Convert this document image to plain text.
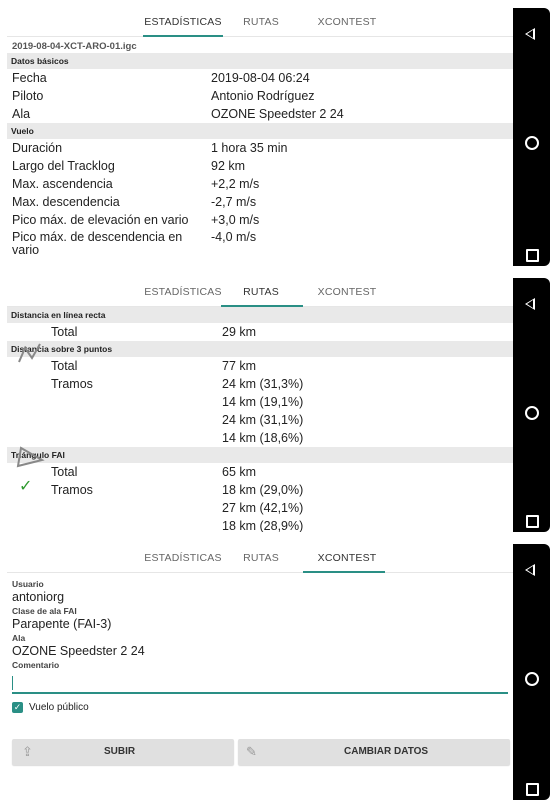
ESTADÍSTICAS	RUTAS	XCONTEST
2019-08-04-XCT-ARO-01.igc
Datos básicos
Fecha	2019-08-04 06:24
Piloto	Antonio Rodríguez
Ala	OZONE Speedster 2 24
Vuelo
Duración	1 hora 35 min
Largo del Tracklog	92 km
Max. ascendencia	+2,2 m/s
Max. descendencia	-2,7 m/s
Pico máx. de elevación en vario +3,0 m/s
Pico máx. de descendencia en vario
-4,0 m/s
ESTADÍSTICAS	RUTAS	XCONTEST
Distancia en línea recta
Total	29 km
Distancia sobre 3 puntos
Total	77 km
Tramos	24 km (31,3%)
14 km (19,1%)
24 km (31,1%)
14 km (18,6%)
Triángulo FAI
Total	65 km
Tramos	18 km (29,0%)
27 km (42,1%)
18 km (28,9%)
✓
ESTADÍSTICAS	RUTAS	XCONTEST
Usuario
antoniorg
Clase de ala FAI
Parapente (FAI-3)
Ala
OZONE Speedster 2 24
Comentario
✓ Vuelo público
⇪	SUBIR	✎	CAMBIAR DATOS
